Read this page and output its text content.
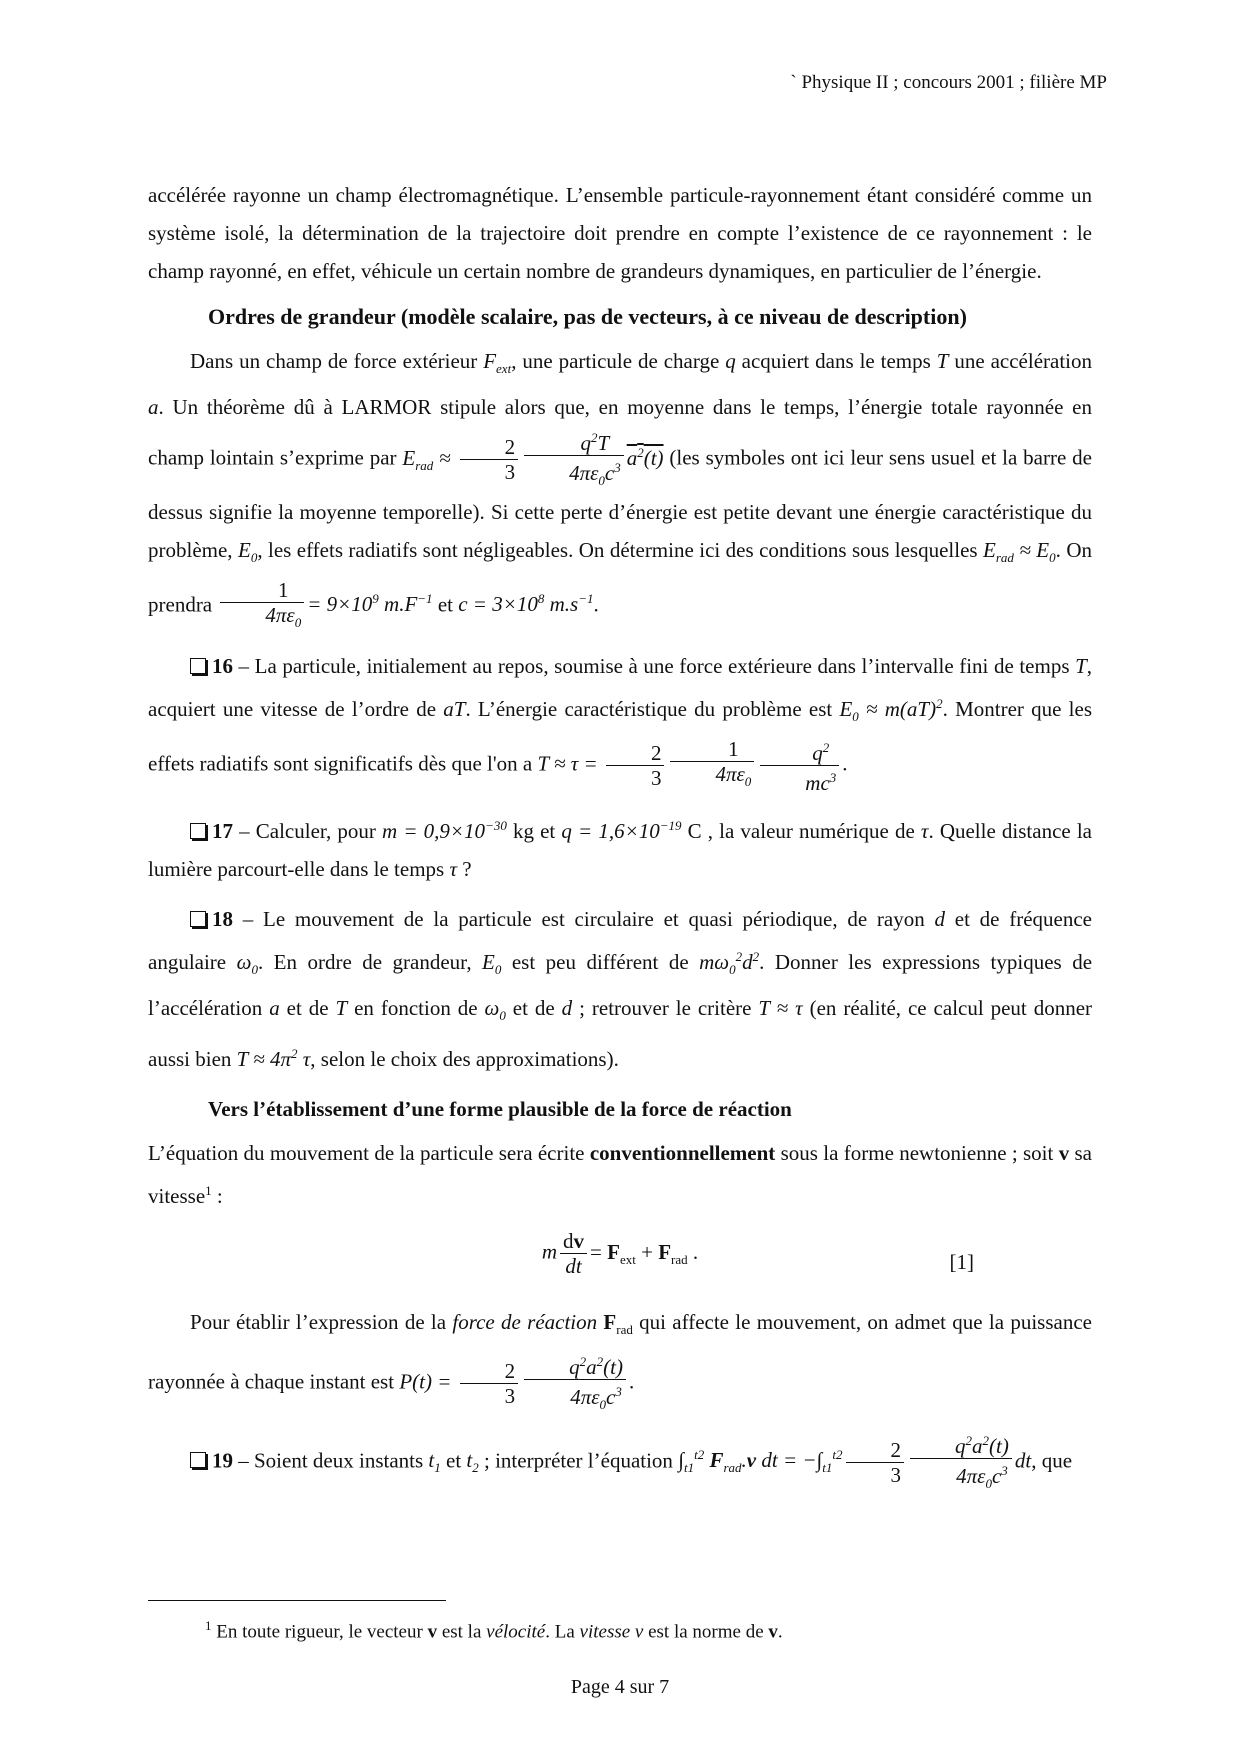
` Physique II ; concours 2001 ; filière MP

accélérée rayonne un champ électromagnétique. L’ensemble particule-rayonnement étant considéré comme un système isolé, la détermination de la trajectoire doit prendre en compte l’existence de ce rayonnement : le champ rayonné, en effet, véhicule un certain nombre de grandeurs dynamiques, en particulier de l’énergie.

Ordres de grandeur (modèle scalaire, pas de vecteurs, à ce niveau de description)

Dans un champ de force extérieur $F_{ext}$, une particule de charge q acquiert dans le temps T une accélération a. Un théorème dû à LARMOR stipule alors que, en moyenne dans le temps, l’énergie totale rayonnée en champ lointain s’exprime par $E_{rad} \approx \frac{2}{3} \frac{q^2T}{4\pi\varepsilon_0c^3} a^2(t)$ (les symboles ont ici leur sens usuel et la barre de dessus signifie la moyenne temporelle). Si cette perte d’énergie est petite devant une énergie caractéristique du problème, $E_0$, les effets radiatifs sont négligeables. On détermine ici des conditions sous lesquelles $E_{rad} \approx E_0$. On prendra $\frac{1}{4\pi\varepsilon_0} = 9\times 10^9$ $m.F^{-1}$ et $c = 3\times 10^8$ $m.s^{-1}$.

16 – La particule, initialement au repos, soumise à une force extérieure dans l’intervalle fini de temps T, acquiert une vitesse de l’ordre de aT. L’énergie caractéristique du problème est $E_0 \approx m(aT)^2$. Montrer que les effets radiatifs sont significatifs dès que l'on a $T \approx \tau = \frac{2}{3} \frac{1}{4\pi\varepsilon_0} \frac{q^2}{mc^3}$ .

17 – Calculer, pour $m = 0,9\times 10^{-30}$ kg et $q = 1,6\times 10^{-19}$ C , la valeur numérique de τ. Quelle distance la lumière parcourt-elle dans le temps τ ?

18 – Le mouvement de la particule est circulaire et quasi périodique, de rayon d et de fréquence angulaire $\omega_0$. En ordre de grandeur, $E_0$ est peu différent de $m\omega_0^2d^2$. Donner les expressions typiques de l’accélération a et de T en fonction de $\omega_0$ et de d ; retrouver le critère T ≈ τ (en réalité, ce calcul peut donner aussi bien $T \approx 4\pi^2$ τ, selon le choix des approximations).

Vers l’établissement d’une forme plausible de la force de réaction

L’équation du mouvement de la particule sera écrite conventionnellement sous la forme newtonienne ; soit v sa vitesse$^1$ :

m $\frac{dv}{dt} = F_{ext} + F_{rad}$ .	[1]

Pour établir l’expression de la force de réaction $F_{rad}$ qui affecte le mouvement, on admet que la puissance rayonnée à chaque instant est $P(t) = \frac{2}{3} \frac{q^2a^2(t)}{4\pi\varepsilon_0c^3}$ .

19 – Soient deux instants $t_1$ et $t_2$ ; interpréter l’équation $\int_{t1}^{t2}$ $F_{rad}.v$ dt = $-\int_{t1}^{t2} \frac{2}{3} \frac{q^2a^2(t)}{4\pi\varepsilon_0c^3}$ dt, que

$^1$ En toute rigueur, le vecteur v est la vélocité. La vitesse v est la norme de v.
Page 4 sur 7
